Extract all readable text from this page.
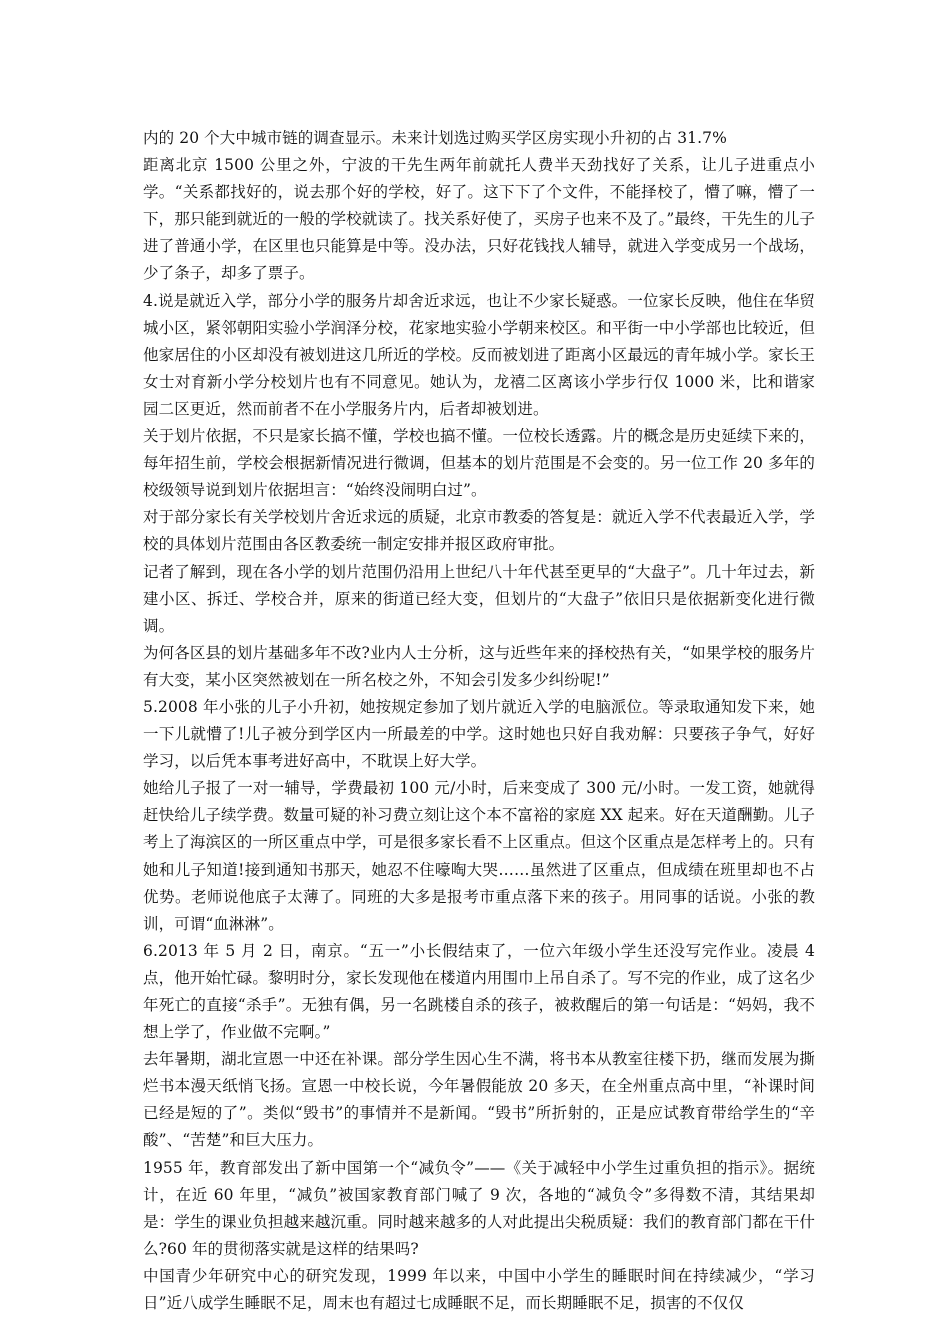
内的 20 个大中城市链的调查显示。未来计划选过购买学区房实现小升初的占 31.7%

距离北京 1500 公里之外，宁波的干先生两年前就托人费半天劲找好了关系，让儿子进重点小学。“关系都找好的，说去那个好的学校，好了。这下下了个文件，不能择校了，懵了嘛，懵了一下，那只能到就近的一般的学校就读了。找关系好使了，买房子也来不及了。”最终，干先生的儿子进了普通小学，在区里也只能算是中等。没办法，只好花钱找人辅导，就进入学变成另一个战场，少了条子，却多了票子。

4.说是就近入学，部分小学的服务片却舍近求远，也让不少家长疑惑。一位家长反映，他住在华贸城小区，紧邻朝阳实验小学润泽分校，花家地实验小学朝来校区。和平街一中小学部也比较近，但他家居住的小区却没有被划进这几所近的学校。反而被划进了距离小区最远的青年城小学。家长王女士对育新小学分校划片也有不同意见。她认为，龙禧二区离该小学步行仅 1000 米，比和谐家园二区更近，然而前者不在小学服务片内，后者却被划进。

关于划片依据，不只是家长搞不懂，学校也搞不懂。一位校长透露。片的概念是历史延续下来的，每年招生前，学校会根据新情况进行微调，但基本的划片范围是不会变的。另一位工作 20 多年的校级领导说到划片依据坦言：“始终没闹明白过”。

对于部分家长有关学校划片舍近求远的质疑，北京市教委的答复是：就近入学不代表最近入学，学校的具体划片范围由各区教委统一制定安排并报区政府审批。

记者了解到，现在各小学的划片范围仍沿用上世纪八十年代甚至更早的“大盘子”。几十年过去，新建小区、拆迁、学校合并，原来的街道已经大变，但划片的“大盘子”依旧只是依据新变化进行微调。

为何各区县的划片基础多年不改?业内人士分析，这与近些年来的择校热有关，“如果学校的服务片有大变，某小区突然被划在一所名校之外，不知会引发多少纠纷呢!”

5.2008 年小张的儿子小升初，她按规定参加了划片就近入学的电脑派位。等录取通知发下来，她一下儿就懵了!儿子被分到学区内一所最差的中学。这时她也只好自我劝解：只要孩子争气，好好学习，以后凭本事考进好高中，不耽误上好大学。

她给儿子报了一对一辅导，学费最初 100 元/小时，后来变成了 300 元/小时。一发工资，她就得赶快给儿子续学费。数量可疑的补习费立刻让这个本不富裕的家庭 XX 起来。好在天道酬勤。儿子考上了海滨区的一所区重点中学，可是很多家长看不上区重点。但这个区重点是怎样考上的。只有她和儿子知道!接到通知书那天，她忍不住嚎啕大哭……虽然进了区重点，但成绩在班里却也不占优势。老师说他底子太薄了。同班的大多是报考市重点落下来的孩子。用同事的话说。小张的教训，可谓“血淋淋”。

6.2013 年 5 月 2 日，南京。“五一”小长假结束了，一位六年级小学生还没写完作业。凌晨 4 点，他开始忙碌。黎明时分，家长发现他在楼道内用围巾上吊自杀了。写不完的作业，成了这名少年死亡的直接“杀手”。无独有偶，另一名跳楼自杀的孩子，被救醒后的第一句话是：“妈妈，我不想上学了，作业做不完啊。”

去年暑期，湖北宣恩一中还在补课。部分学生因心生不满，将书本从教室往楼下扔，继而发展为撕烂书本漫天纸悄飞扬。宣恩一中校长说，今年暑假能放 20 多天，在全州重点高中里，“补课时间已经是短的了”。类似“毁书”的事情并不是新闻。“毁书”所折射的，正是应试教育带给学生的“辛酸”、“苦楚”和巨大压力。

1955 年，教育部发出了新中国第一个“减负令”——《关于减轻中小学生过重负担的指示》。据统计，在近 60 年里，“减负”被国家教育部门喊了 9 次，各地的“减负令”多得数不清，其结果却是：学生的课业负担越来越沉重。同时越来越多的人对此提出尖税质疑：我们的教育部门都在干什么?60 年的贯彻落实就是这样的结果吗?

中国青少年研究中心的研究发现，1999 年以来，中国中小学生的睡眠时间在持续减少，“学习日”近八成学生睡眠不足，周末也有超过七成睡眠不足，而长期睡眠不足，损害的不仅仅
